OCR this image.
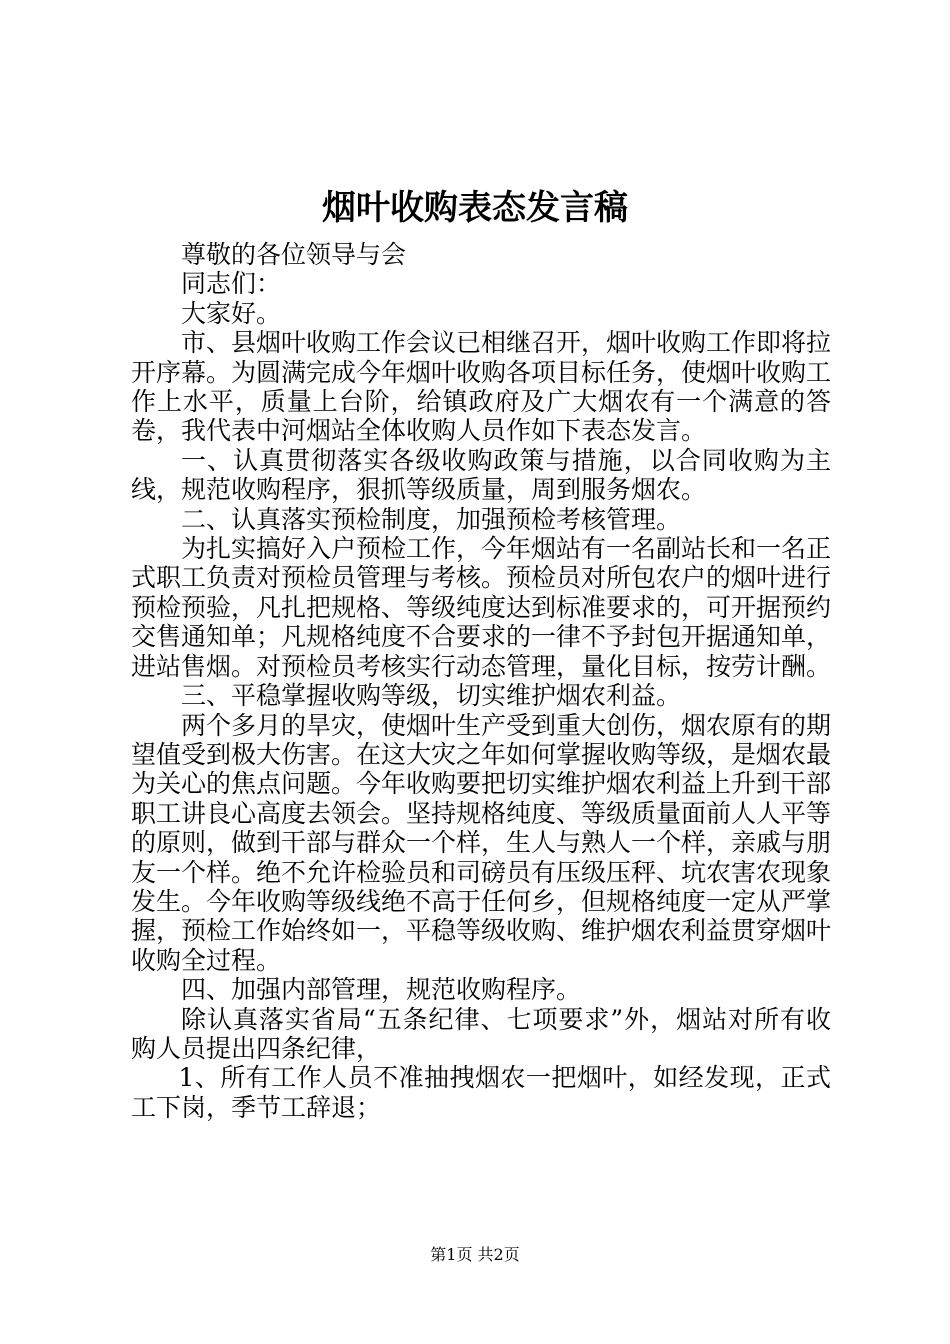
烟叶收购表态发言稿

尊敬的各位领导与会

同志们：

大家好。

市、县烟叶收购工作会议已相继召开，烟叶收购工作即将拉开序幕。为圆满完成今年烟叶收购各项目标任务，使烟叶收购工作上水平，质量上台阶，给镇政府及广大烟农有一个满意的答卷，我代表中河烟站全体收购人员作如下表态发言。

一、认真贯彻落实各级收购政策与措施，以合同收购为主线，规范收购程序，狠抓等级质量，周到服务烟农。

二、认真落实预检制度，加强预检考核管理。

为扎实搞好入户预检工作，今年烟站有一名副站长和一名正式职工负责对预检员管理与考核。预检员对所包农户的烟叶进行预检预验，凡扎把规格、等级纯度达到标准要求的，可开据预约交售通知单；凡规格纯度不合要求的一律不予封包开据通知单，进站售烟。对预检员考核实行动态管理，量化目标，按劳计酬。

三、平稳掌握收购等级，切实维护烟农利益。

两个多月的旱灾，使烟叶生产受到重大创伤，烟农原有的期望值受到极大伤害。在这大灾之年如何掌握收购等级，是烟农最为关心的焦点问题。今年收购要把切实维护烟农利益上升到干部职工讲良心高度去领会。坚持规格纯度、等级质量面前人人平等的原则，做到干部与群众一个样，生人与熟人一个样，亲戚与朋友一个样。绝不允许检验员和司磅员有压级压秤、坑农害农现象发生。今年收购等级线绝不高于任何乡，但规格纯度一定从严掌握，预检工作始终如一，平稳等级收购、维护烟农利益贯穿烟叶收购全过程。

四、加强内部管理，规范收购程序。

除认真落实省局“五条纪律、七项要求”外，烟站对所有收购人员提出四条纪律，

1、所有工作人员不准抽拽烟农一把烟叶，如经发现，正式工下岗，季节工辞退；

第1页 共2页
